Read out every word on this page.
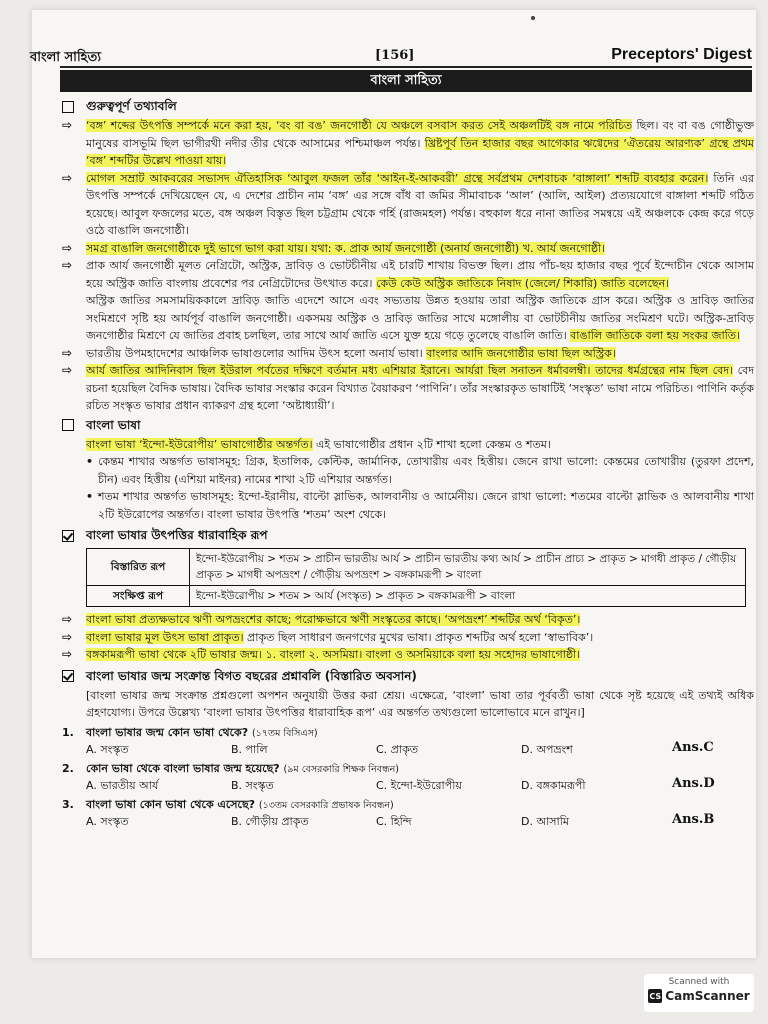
বাংলা সাহিত্য	[156]	Preceptors' Digest
বাংলা সাহিত্য
গুরুত্বপূর্ণ তথ্যাবলি
⇨	‘বঙ্গ’ শব্দের উৎপত্তি সম্পর্কে মনে করা হয়, ‘বং বা বঙ’ জনগোষ্ঠী যে অঞ্চলে বসবাস করত সেই অঞ্চলটিই বঙ্গ নামে পরিচিত ছিল। বং বা বঙ গোষ্ঠীভুক্ত মানুষের বাসভূমি ছিল ভাগীরথী নদীর তীর থেকে আসামের পশ্চিমাঞ্চল পর্যন্ত। খ্রিষ্টপূর্ব তিন হাজার বছর আগেকার ঋগ্বেদের ‘ঐতরেয় আরণ্যক’ গ্রন্থে প্রথম ‘বঙ্গ’ শব্দটির উল্লেখ পাওয়া যায়।
⇨	মোগল সম্রাট আকবরের সভাসদ ঐতিহাসিক ‘আবুল ফজল তাঁর ‘আইন-ই-আকবরী’ গ্রন্থে সর্বপ্রথম দেশবাচক ‘বাঙ্গালা’ শব্দটি ব্যবহার করেন। তিনি এর উৎপত্তি সম্পর্কে দেখিয়েছেন যে, এ দেশের প্রাচীন নাম ‘বঙ্গ’ এর সঙ্গে বাঁধ বা জমির সীমাবাচক ‘আল’ (আলি, আইল) প্রত্যয়যোগে বাঙ্গালা শব্দটি গঠিত হয়েছে। আবুল ফজলের মতে, বঙ্গ অঞ্চল বিস্তৃত ছিল চট্টগ্রাম থেকে গর্হি (রাজমহল) পর্যন্ত। বহুকাল ধরে নানা জাতির সমন্বয়ে এই অঞ্চলকে কেন্দ্র করে গড়ে ওঠে বাঙালি জনগোষ্ঠী।
⇨	সমগ্র বাঙালি জনগোষ্ঠীকে দুই ভাগে ভাগ করা যায়। যথা: ক. প্রাক আর্য জনগোষ্ঠী (অনার্য জনগোষ্ঠী) খ. আর্য জনগোষ্ঠী।
⇨	প্রাক আর্য জনগোষ্ঠী মূলত নেগ্রিটো, অস্ট্রিক, দ্রাবিড় ও ভোটচীনীয় এই চারটি শাখায় বিভক্ত ছিল। প্রায় পাঁচ-ছয় হাজার বছর পূর্বে ইন্দোচীন থেকে আসাম হয়ে অস্ট্রিক জাতি বাংলায় প্রবেশের পর নেগ্রিটোদের উৎখাত করে। কেউ কেউ অস্ট্রিক জাতিকে নিষাদ (জেলে/ শিকারি) জাতি বলেছেন।
অস্ট্রিক জাতির সমসাময়িককালে দ্রাবিড় জাতি এদেশে আসে এবং সভ্যতায় উন্নত হওয়ায় তারা অস্ট্রিক জাতিকে গ্রাস করে। অস্ট্রিক ও দ্রাবিড় জাতির সংমিশ্রণে সৃষ্টি হয় আর্যপূর্ব বাঙালি জনগোষ্ঠী। একসময় অস্ট্রিক ও দ্রাবিড় জাতির সাথে মঙ্গোলীয় বা ভোটচীনীয় জাতির সংমিশ্রণ ঘটে। অস্ট্রিক-দ্রাবিড় জনগোষ্ঠীর মিশ্রণে যে জাতির প্রবাহ চলছিল, তার সাথে আর্য জাতি এসে যুক্ত হয়ে গড়ে তুলেছে বাঙালি জাতি। বাঙালি জাতিকে বলা হয় সংকর জাতি।
⇨	ভারতীয় উপমহাদেশের আঞ্চলিক ভাষাগুলোর আদিম উৎস হলো অনার্য ভাষা। বাংলার আদি জনগোষ্ঠীর ভাষা ছিল অস্ট্রিক।
⇨	আর্য জাতির আদিনিবাস ছিল ইউরাল পর্বতের দক্ষিণে বর্তমান মধ্য এশিয়ার ইরানে। আর্যরা ছিল সনাতন ধর্মাবলম্বী। তাদের ধর্মগ্রন্থের নাম ছিল বেদ। বেদ রচনা হয়েছিল বৈদিক ভাষায়। বৈদিক ভাষার সংস্কার করেন বিখ্যাত বৈয়াকরণ ‘পাণিনি’। তাঁর সংস্কারকৃত ভাষাটিই ‘সংস্কৃত’ ভাষা নামে পরিচিত। পাণিনি কর্তৃক রচিত সংস্কৃত ভাষার প্রধান ব্যাকরণ গ্রন্থ হলো ‘অষ্টাধ্যায়ী’।
বাংলা ভাষা
বাংলা ভাষা ‘ইন্দো-ইউরোপীয়’ ভাষাগোষ্ঠীর অন্তর্গত। এই ভাষাগোষ্ঠীর প্রধান ২টি শাখা হলো কেন্তম ও শতম।
• কেন্তম শাখার অন্তর্গত ভাষাসমূহ: গ্রিক, ইতালিক, কেল্টিক, জার্মানিক, তোখারীয় এবং হিত্তীয়। জেনে রাখা ভালো: কেন্তমের তোখারীয় (তুরফা প্রদেশ, চীন) এবং হিত্তীয় (এশিয়া মাইনর) নামের শাখা ২টি এশিয়ার অন্তর্গত।
• শতম শাখার অন্তর্গত ভাষাসমূহ: ইন্দো-ইরানীয়, বাল্টো স্লাভিক, আলবানীয় ও আর্মেনীয়। জেনে রাখা ভালো: শতমের বাল্টো স্লাভিক ও আলবানীয় শাখা ২টি ইউরোপের অন্তর্গত। বাংলা ভাষার উৎপত্তি ‘শতম’ অংশ থেকে।
বাংলা ভাষার উৎপত্তির ধারাবাহিক রূপ
বিস্তারিত রূপ	ইন্দো-ইউরোপীয় > শতম > প্রাচীন ভারতীয় আর্য > প্রাচীন ভারতীয় কথ্য আর্য > প্রাচীন প্রাচ্য > প্রাকৃত > মাগধী প্রাকৃত / গৌড়ীয় প্রাকৃত > মাগধী অপভ্রংশ / গৌড়ীয় অপভ্রংশ > বঙ্গকামরূপী > বাংলা
সংক্ষিপ্ত রূপ	ইন্দো-ইউরোপীয় > শতম > আর্য (সংস্কৃত) > প্রাকৃত > বঙ্গকামরূপী > বাংলা
⇨	বাংলা ভাষা প্রত্যক্ষভাবে ঋণী অপভ্রংশের কাছে; পরোক্ষভাবে ঋণী সংস্কৃতের কাছে। ‘অপভ্রংশ’ শব্দটির অর্থ ‘বিকৃত’।
⇨	বাংলা ভাষার মূল উৎস ভাষা প্রাকৃত। প্রাকৃত ছিল সাধারণ জনগণের মুখের ভাষা। প্রাকৃত শব্দটির অর্থ হলো ‘স্বাভাবিক’।
⇨	বঙ্গকামরূপী ভাষা থেকে ২টি ভাষার জন্ম। ১. বাংলা ২. অসমিয়া। বাংলা ও অসমিয়াকে বলা হয় সহোদর ভাষাগোষ্ঠী।
বাংলা ভাষার জন্ম সংক্রান্ত বিগত বছরের প্রশ্নাবলি (বিস্তারিত অবসান)
[বাংলা ভাষার জন্ম সংক্রান্ত প্রশ্নগুলো অপশন অনুযায়ী উত্তর করা শ্রেয়। এক্ষেত্রে, ‘বাংলা’ ভাষা তার পূর্ববর্তী ভাষা থেকে সৃষ্ট হয়েছে এই তথ্যই অধিক গ্রহণযোগ্য। উপরে উল্লেখ্য ‘বাংলা ভাষার উৎপত্তির ধারাবাহিক রূপ’ এর অন্তর্গত তথ্যগুলো ভালোভাবে মনে রাখুন।]
1.	বাংলা ভাষার জন্ম কোন ভাষা থেকে? (১৭তম বিসিএস)
A. সংস্কৃত	B. পালি	C. প্রাকৃত	D. অপভ্রংশ	Ans.C
2.	কোন ভাষা থেকে বাংলা ভাষার জন্ম হয়েছে? (৯ম বেসরকারি শিক্ষক নিবন্ধন)
A. ভারতীয় আর্য	B. সংস্কৃত	C. ইন্দো-ইউরোপীয়	D. বঙ্গকামরূপী	Ans.D
3.	বাংলা ভাষা কোন ভাষা থেকে এসেছে? (১৩তম বেসরকারি প্রভাষক নিবন্ধন)
A. সংস্কৃত	B. গৌড়ীয় প্রাকৃত	C. হিন্দি	D. আসামি	Ans.B
Scanned with
CS CamScanner
